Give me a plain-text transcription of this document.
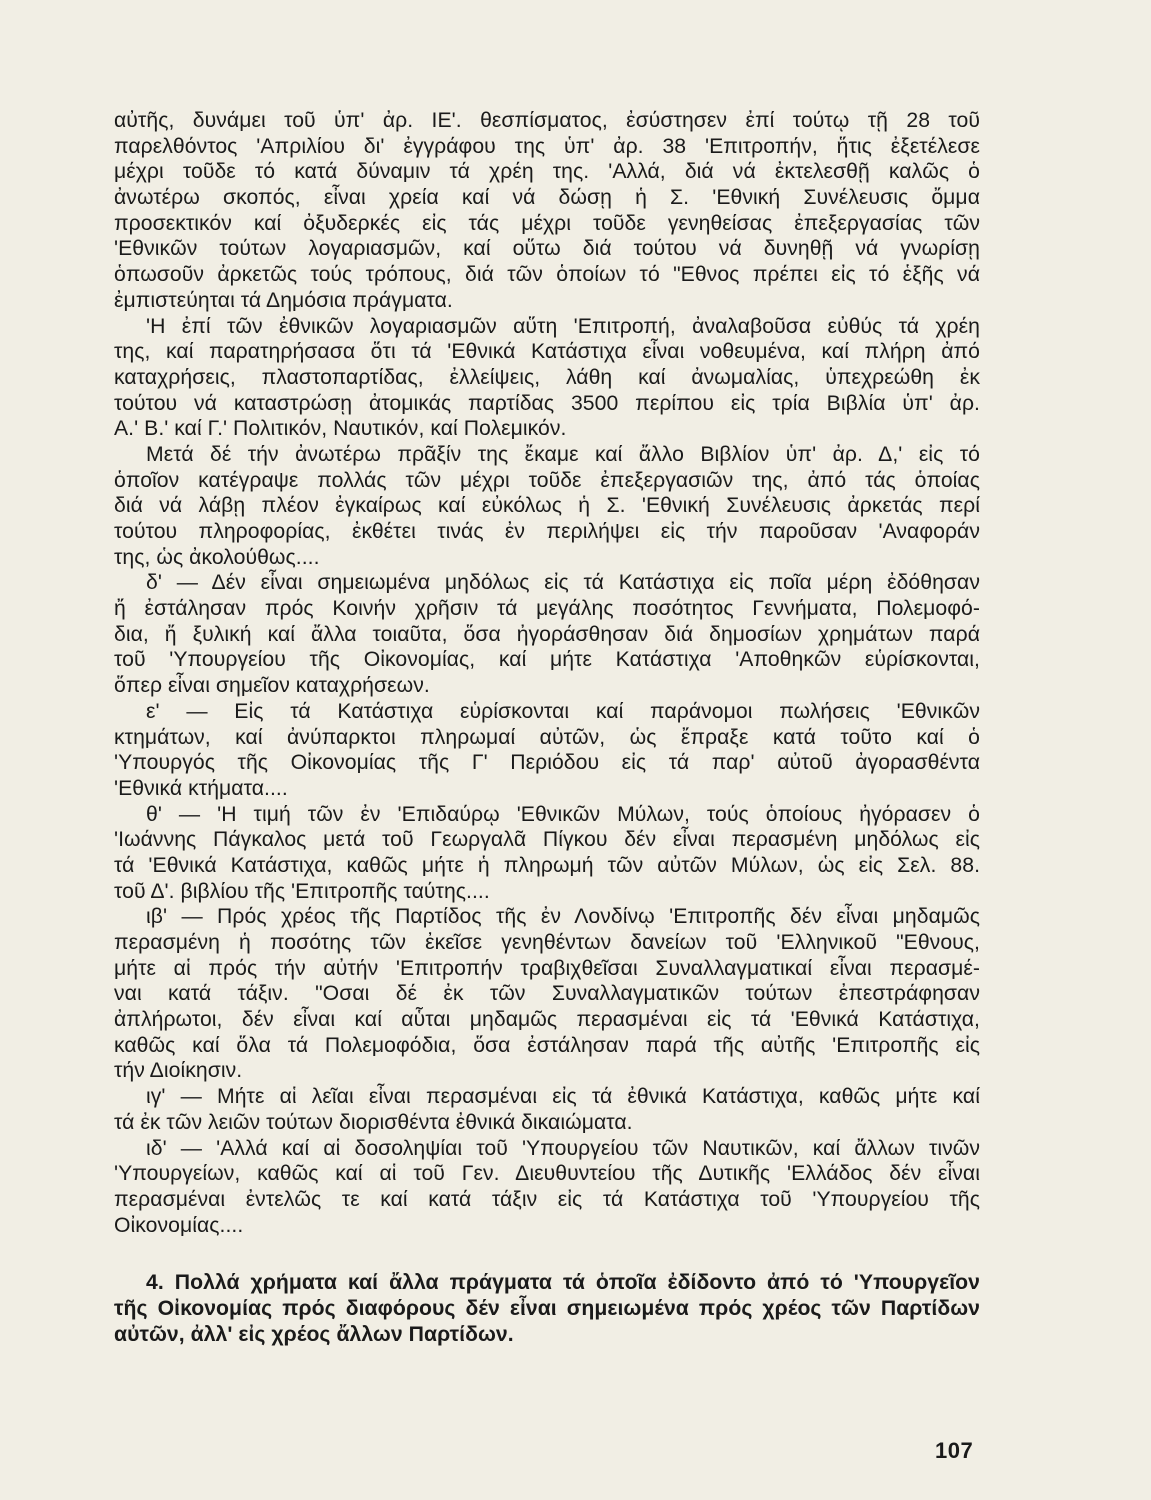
αὐτῆς, δυνάμει τοῦ ὑπ' ἀρ. ΙΕ'. θεσπίσματος, ἐσύστησεν ἐπί τούτῳ τῇ 28 τοῦ
παρελθόντος 'Απριλίου δι' ἐγγράφου της ὑπ' ἀρ. 38 'Επιτροπήν, ἥτις ἐξετέλεσε
μέχρι τοῦδε τό κατά δύναμιν τά χρέη της. 'Αλλά, διά νά ἐκτελεσθῇ καλῶς ὁ
ἀνωτέρω σκοπός, εἶναι χρεία καί νά δώσῃ ἡ Σ. 'Εθνική Συνέλευσις ὄμμα
προσεκτικόν καί ὀξυδερκές εἰς τάς μέχρι τοῦδε γενηθείσας ἐπεξεργασίας τῶν
'Εθνικῶν τούτων λογαριασμῶν, καί οὕτω διά τούτου νά δυνηθῇ νά γνωρίσῃ
ὁπωσοῦν ἀρκετῶς τούς τρόπους, διά τῶν ὁποίων τό "Εθνος πρέπει εἰς τό ἑξῆς νά
ἐμπιστεύηται τά Δημόσια πράγματα.
'Η ἐπί τῶν ἐθνικῶν λογαριασμῶν αὕτη 'Επιτροπή, ἀναλαβοῦσα εὐθύς τά χρέη
της, καί παρατηρήσασα ὅτι τά 'Εθνικά Κατάστιχα εἶναι νοθευμένα, καί πλήρη ἀπό
καταχρήσεις, πλαστοπαρτίδας, ἐλλείψεις, λάθη καί ἀνωμαλίας, ὑπεχρεώθη ἐκ
τούτου νά καταστρώσῃ ἀτομικάς παρτίδας 3500 περίπου εἰς τρία Βιβλία ὑπ' ἀρ.
Α.' Β.' καί Γ.' Πολιτικόν, Ναυτικόν, καί Πολεμικόν.
Μετά δέ τήν ἀνωτέρω πρᾶξίν της ἔκαμε καί ἄλλο Βιβλίον ὑπ' ἀρ. Δ,' εἰς τό
ὁποῖον κατέγραψε πολλάς τῶν μέχρι τοῦδε ἐπεξεργασιῶν της, ἀπό τάς ὁποίας
διά νά λάβῃ πλέον ἐγκαίρως καί εὐκόλως ἡ Σ. 'Εθνική Συνέλευσις ἀρκετάς περί
τούτου πληροφορίας, ἐκθέτει τινάς ἐν περιλήψει εἰς τήν παροῦσαν 'Αναφοράν
της, ὡς ἀκολούθως....
δ' — Δέν εἶναι σημειωμένα μηδόλως εἰς τά Κατάστιχα εἰς ποῖα μέρη ἐδόθησαν
ἤ ἐστάλησαν πρός Κοινήν χρῆσιν τά μεγάλης ποσότητος Γεννήματα, Πολεμοφό-
δια, ἤ ξυλική καί ἄλλα τοιαῦτα, ὅσα ἠγοράσθησαν διά δημοσίων χρημάτων παρά
τοῦ 'Υπουργείου τῆς Οἰκονομίας, καί μήτε Κατάστιχα 'Αποθηκῶν εὑρίσκονται,
ὅπερ εἶναι σημεῖον καταχρήσεων.
ε' — Εἰς τά Κατάστιχα εὑρίσκονται καί παράνομοι πωλήσεις 'Εθνικῶν
κτημάτων, καί ἀνύπαρκτοι πληρωμαί αὐτῶν, ὡς ἔπραξε κατά τοῦτο καί ὁ
'Υπουργός τῆς Οἰκονομίας τῆς Γ' Περιόδου εἰς τά παρ' αὐτοῦ ἀγορασθέντα
'Εθνικά κτήματα....
θ' — 'Η τιμή τῶν ἐν 'Επιδαύρῳ 'Εθνικῶν Μύλων, τούς ὁποίους ἠγόρασεν ὁ
'Ιωάννης Πάγκαλος μετά τοῦ Γεωργαλᾶ Πίγκου δέν εἶναι περασμένη μηδόλως εἰς
τά 'Εθνικά Κατάστιχα, καθῶς μήτε ἡ πληρωμή τῶν αὐτῶν Μύλων, ὡς εἰς Σελ. 88.
τοῦ Δ'. βιβλίου τῆς 'Επιτροπῆς ταύτης....
ιβ' — Πρός χρέος τῆς Παρτίδος τῆς ἐν Λονδίνῳ 'Επιτροπῆς δέν εἶναι μηδαμῶς
περασμένη ἡ ποσότης τῶν ἐκεῖσε γενηθέντων δανείων τοῦ 'Ελληνικοῦ "Εθνους,
μήτε αἱ πρός τήν αὐτήν 'Επιτροπήν τραβιχθεῖσαι Συναλλαγματικαί εἶναι περασμέ-
ναι κατά τάξιν. "Οσαι δέ ἐκ τῶν Συναλλαγματικῶν τούτων ἐπεστράφησαν
ἀπλήρωτοι, δέν εἶναι καί αὗται μηδαμῶς περασμέναι εἰς τά 'Εθνικά Κατάστιχα,
καθῶς καί ὅλα τά Πολεμοφόδια, ὅσα ἐστάλησαν παρά τῆς αὐτῆς 'Επιτροπῆς εἰς
τήν Διοίκησιν.
ιγ' — Μήτε αἱ λεῖαι εἶναι περασμέναι εἰς τά ἐθνικά Κατάστιχα, καθῶς μήτε καί
τά ἐκ τῶν λειῶν τούτων διορισθέντα ἐθνικά δικαιώματα.
ιδ' — 'Αλλά καί αἱ δοσοληψίαι τοῦ 'Υπουργείου τῶν Ναυτικῶν, καί ἄλλων τινῶν
'Υπουργείων, καθῶς καί αἱ τοῦ Γεν. Διευθυντείου τῆς Δυτικῆς 'Ελλάδος δέν εἶναι
περασμέναι ἐντελῶς τε καί κατά τάξιν εἰς τά Κατάστιχα τοῦ 'Υπουργείου τῆς
Οἰκονομίας....
4. Πολλά χρήματα καί ἄλλα πράγματα τά ὁποῖα ἐδίδοντο ἀπό τό 'Υπουργεῖον
τῆς Οἰκονομίας πρός διαφόρους δέν εἶναι σημειωμένα πρός χρέος τῶν Παρτίδων
αὐτῶν, ἀλλ' εἰς χρέος ἄλλων Παρτίδων.
107
